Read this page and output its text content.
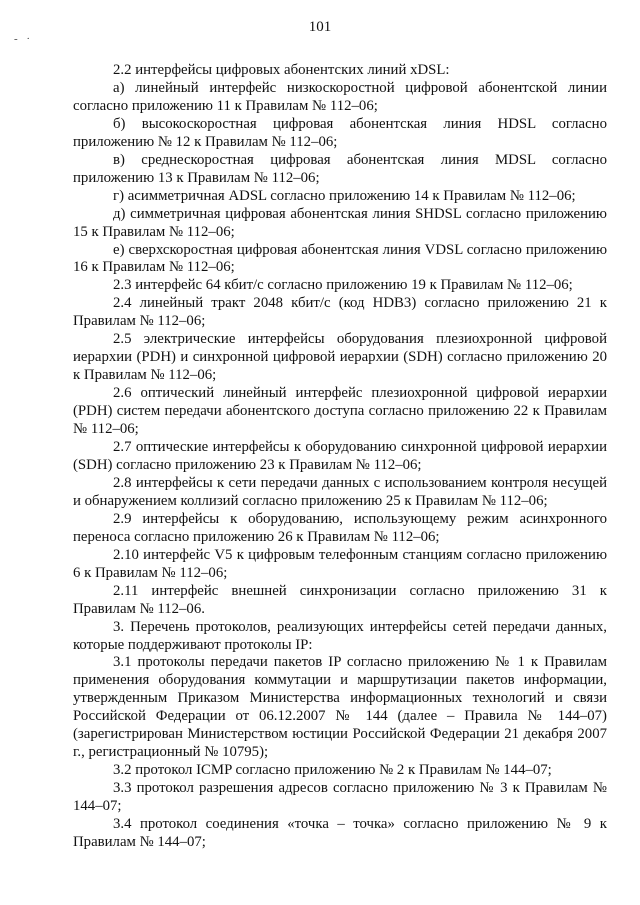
101
- ·

2.2 интерфейсы цифровых абонентских линий xDSL:

а) линейный интерфейс низкоскоростной цифровой абонентской линии согласно приложению 11 к Правилам № 112–06;

б) высокоскоростная цифровая абонентская линия HDSL согласно приложению № 12 к Правилам № 112–06;

в) среднескоростная цифровая абонентская линия MDSL согласно приложению 13 к Правилам № 112–06;

г) асимметричная ADSL согласно приложению 14 к Правилам № 112–06;

д) симметричная цифровая абонентская линия SHDSL согласно приложению 15 к Правилам № 112–06;

е) сверхскоростная цифровая абонентская линия VDSL согласно приложению 16 к Правилам № 112–06;

2.3 интерфейс 64 кбит/с согласно приложению 19 к Правилам № 112–06;

2.4 линейный тракт 2048 кбит/с (код HDB3) согласно приложению 21 к Правилам № 112–06;

2.5 электрические интерфейсы оборудования плезиохронной цифровой иерархии (PDH) и синхронной цифровой иерархии (SDH) согласно приложению 20 к Правилам № 112–06;

2.6 оптический линейный интерфейс плезиохронной цифровой иерархии (PDH) систем передачи абонентского доступа согласно приложению 22 к Правилам № 112–06;

2.7 оптические интерфейсы к оборудованию синхронной цифровой иерархии (SDH) согласно приложению 23 к Правилам № 112–06;

2.8 интерфейсы к сети передачи данных с использованием контроля несущей и обнаружением коллизий согласно приложению 25 к Правилам № 112–06;

2.9 интерфейсы к оборудованию, использующему режим асинхронного переноса согласно приложению 26 к Правилам № 112–06;

2.10 интерфейс V5 к цифровым телефонным станциям согласно приложению 6 к Правилам № 112–06;

2.11 интерфейс внешней синхронизации согласно приложению 31 к Правилам № 112–06.

3. Перечень протоколов, реализующих интерфейсы сетей передачи данных, которые поддерживают протоколы IP:

3.1 протоколы передачи пакетов IP согласно приложению № 1 к Правилам применения оборудования коммутации и маршрутизации пакетов информации, утвержденным Приказом Министерства информационных технологий и связи Российской Федерации от 06.12.2007 № 144 (далее – Правила № 144–07) (зарегистрирован Министерством юстиции Российской Федерации 21 декабря 2007 г., регистрационный № 10795);

3.2 протокол ICMP согласно приложению № 2 к Правилам № 144–07;

3.3 протокол разрешения адресов согласно приложению № 3 к Правилам № 144–07;

3.4 протокол соединения «точка – точка» согласно приложению № 9 к Правилам № 144–07;
